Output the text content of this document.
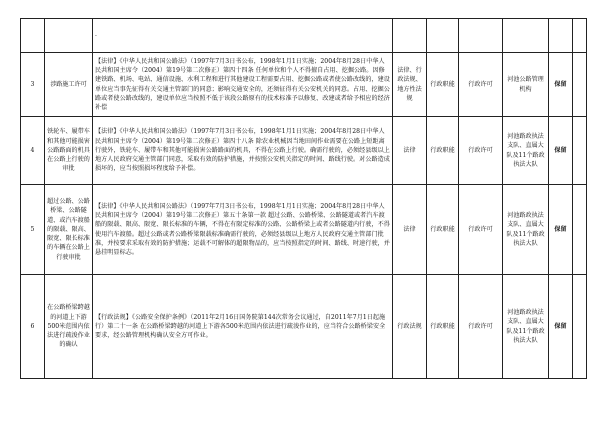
		·						

3	涉路施工许可	【法律】《中华人民共和国公路法》（1997年7月3日书公布，1998年1月1日实施；2004年8月28日中华人民共和国主席令（2004）第19号第二次修正）第四十四条 任何单位和个人不得擅自占用、挖掘公路。因修建铁路、机场、电站、通信设施、水利工程和进行其他建设工程需要占用、挖掘公路或者使公路改线的，建设单位应当事先征得有关交通主管部门的同意；影响交通安全的，还须征得有关公安机关的同意。占用、挖掘公路或者使公路改线的，建设单位应当按照不低于该段公路原有的技术标准予以修复、改建或者给予相应的经济补偿	法律、行政法规、地方性法规	行政职能	行政许可	河池公路管理机构	保留	
4	铁轮车、履带车和其他可能损害公路路面的机具在公路上行驶的审批	【法律】《中华人民共和国公路法》（1997年7月3日书公布，1998年1月1日实施；2004年8月28日中华人民共和国主席令（2004）第19号第二次修正）第四十八条 除农业机械因当地田间作业需要在公路上短距离行驶外，铁轮车、履带车和其他可能损害公路路面的机具，不得在公路上行驶。确需行驶的，必须经县级以上地方人民政府交通主管部门同意，采取有效的防护措施，并按照公安机关指定的时间、路线行驶。对公路造成损坏的，应当按照损坏程度给予补偿。	法律	行政职能	行政许可	河池路政执法支队、直属大队及11个路政执法大队	保留	
5	超过公路、公路桥梁、公路隧道、或汽车渡船的限载、限高、限宽、限长标准的车辆在公路上行驶审批	【法律】《中华人民共和国公路法》（1997年7月3日书公布，1998年1月1日实施；2004年8月28日中华人民共和国主席令（2004）第19号第二次修正）第五十条第一款 超过公路、公路桥梁、公路隧道或者汽车渡船的限载、限高、限宽、限长标准的车辆，不得在有限定标准的公路、公路桥梁上或者公路隧道内行驶，不得使用汽车渡船。超过公路或者公路桥梁限载标准确需行驶的，必须经县级以上地方人民政府交通主管部门批准，并按要求采取有效的防护措施；运载不可解体的超限物品的，应当按照指定的时间、路线、时速行驶，并悬挂明显标志。	法律	行政职能	行政许可	河池路政执法支队、直属大队及11个路政执法大队	保留	
6	在公路桥梁跨越的河道上下游500米范围内依法进行疏浚作业的确认	【行政法规】《公路安全保护条例》（2011年2月16日国务院第144次常务会议通过，自2011年7月1日起施行）第二十一条 在公路桥梁跨越的河道上下游各500米范围内依法进行疏浚作业的，应当符合公路桥梁安全要求，经公路管理机构确认安全方可作业。	行政法规	行政职能	行政许可	河池路政执法支队、直属大队及11个路政执法大队	保留	
